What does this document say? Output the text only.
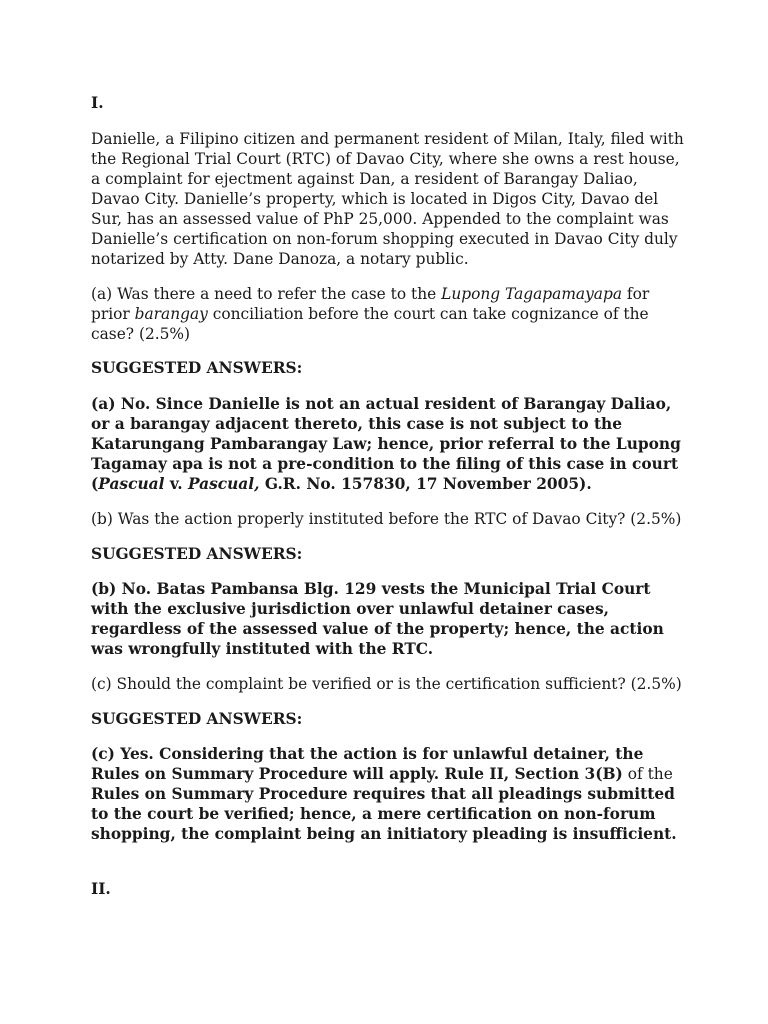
I.

Danielle, a Filipino citizen and permanent resident of Milan, Italy, filed with the Regional Trial Court (RTC) of Davao City, where she owns a rest house, a complaint for ejectment against Dan, a resident of Barangay Daliao, Davao City. Danielle’s property, which is located in Digos City, Davao del Sur, has an assessed value of PhP 25,000. Appended to the complaint was Danielle’s certification on non-forum shopping executed in Davao City duly notarized by Atty. Dane Danoza, a notary public.

(a) Was there a need to refer the case to the Lupong Tagapamayapa for prior barangay conciliation before the court can take cognizance of the case? (2.5%)

SUGGESTED ANSWERS:

(a) No. Since Danielle is not an actual resident of Barangay Daliao, or a barangay adjacent thereto, this case is not subject to the Katarungang Pambarangay Law; hence, prior referral to the Lupong Tagamay apa is not a pre-condition to the filing of this case in court (Pascual v. Pascual, G.R. No. 157830, 17 November 2005).

(b) Was the action properly instituted before the RTC of Davao City? (2.5%)

SUGGESTED ANSWERS:

(b) No. Batas Pambansa Blg. 129 vests the Municipal Trial Court with the exclusive jurisdiction over unlawful detainer cases, regardless of the assessed value of the property; hence, the action was wrongfully instituted with the RTC.

(c) Should the complaint be verified or is the certification sufficient? (2.5%)

SUGGESTED ANSWERS:

(c) Yes. Considering that the action is for unlawful detainer, the Rules on Summary Procedure will apply. Rule II, Section 3(B) of the Rules on Summary Procedure requires that all pleadings submitted to the court be verified; hence, a mere certification on non-forum shopping, the complaint being an initiatory pleading is insufficient.

II.
